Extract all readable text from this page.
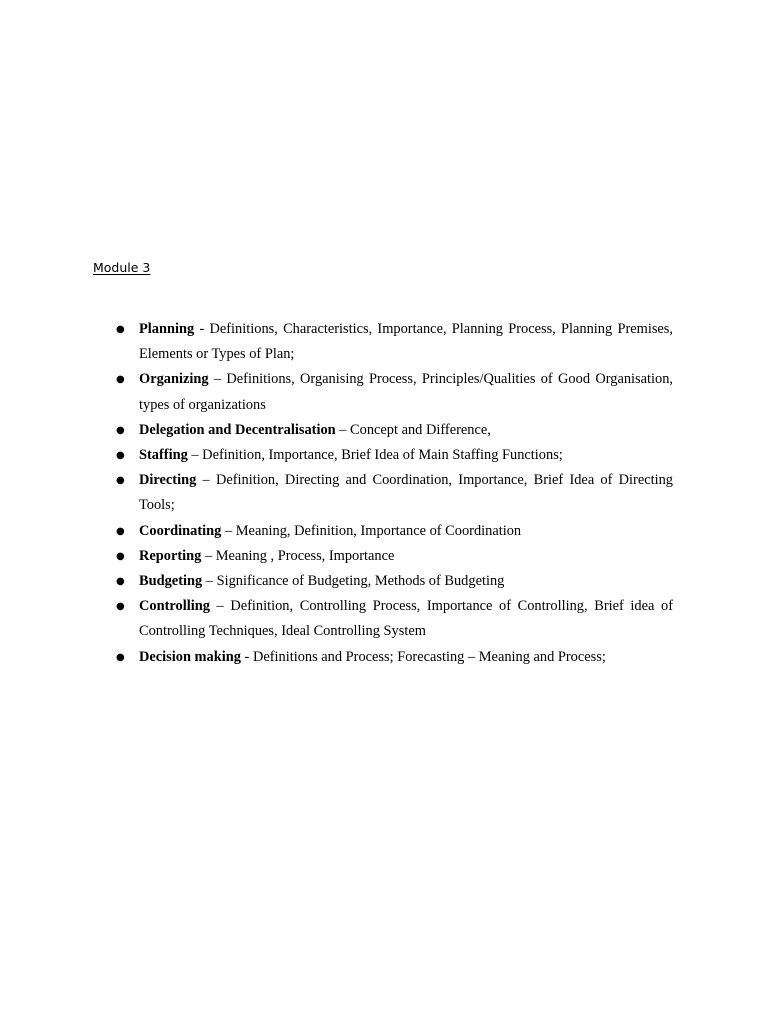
Module 3
● Planning - Definitions, Characteristics, Importance, Planning Process, Planning Premises, Elements or Types of Plan;
● Organizing – Definitions, Organising Process, Principles/Qualities of Good Organisation, types of organizations
● Delegation and Decentralisation – Concept and Difference,
● Staffing – Definition, Importance, Brief Idea of Main Staffing Functions;
● Directing – Definition, Directing and Coordination, Importance, Brief Idea of Directing Tools;
● Coordinating – Meaning, Definition, Importance of Coordination
● Reporting – Meaning , Process, Importance
● Budgeting – Significance of Budgeting, Methods of Budgeting
● Controlling – Definition, Controlling Process, Importance of Controlling, Brief idea of Controlling Techniques, Ideal Controlling System
● Decision making - Definitions and Process; Forecasting – Meaning and Process;
